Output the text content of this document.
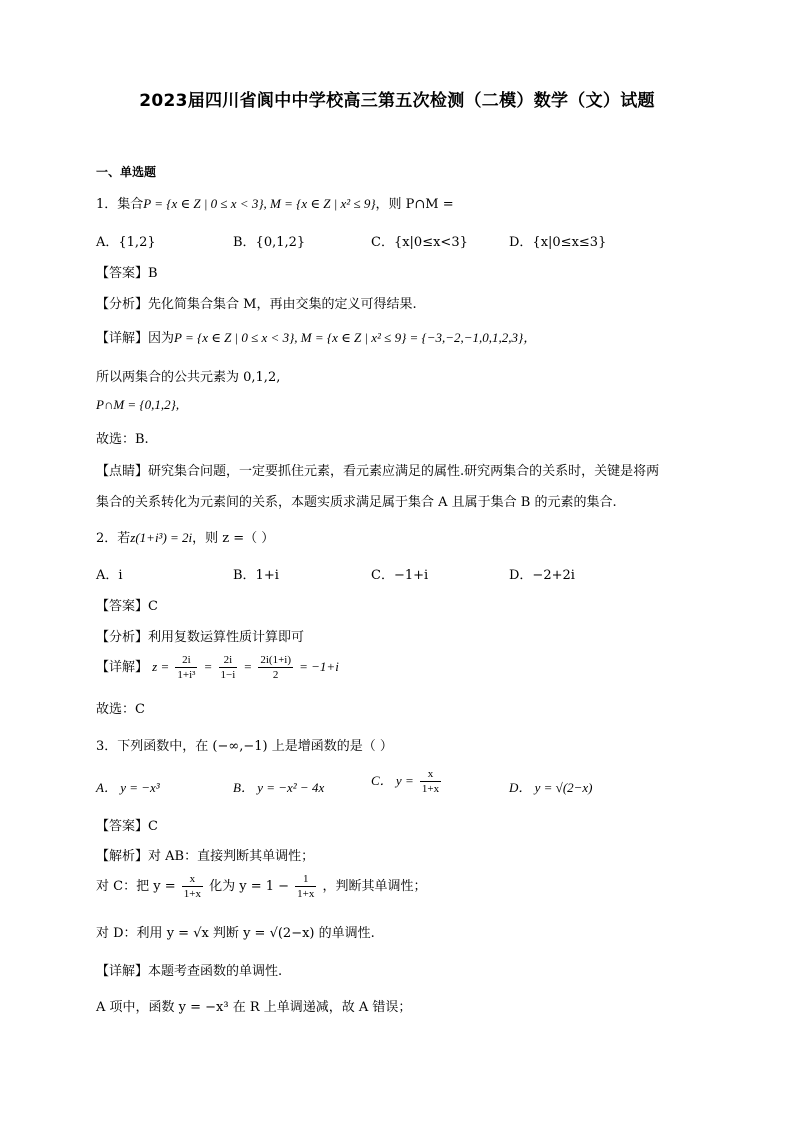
2023届四川省阆中中学校高三第五次检测（二模）数学（文）试题
一、单选题
1．集合P = {x ∈ Z | 0 ≤ x < 3}, M = {x ∈ Z | x² ≤ 9}，则 P∩M =
A．{1,2}	B．{0,1,2}	C．{x|0≤x<3}	D．{x|0≤x≤3}
【答案】B
【分析】先化简集合集合 M，再由交集的定义可得结果.
【详解】因为P = {x ∈ Z | 0 ≤ x < 3}, M = {x ∈ Z | x² ≤ 9} = {−3,−2,−1,0,1,2,3}，
所以两集合的公共元素为 0,1,2,
P∩M = {0,1,2},
故选：B.
【点睛】研究集合问题，一定要抓住元素，看元素应满足的属性.研究两集合的关系时，关键是将两
集合的关系转化为元素间的关系，本题实质求满足属于集合 A 且属于集合 B 的元素的集合.
2．若z(1+i³) = 2i，则 z =（ ）
A．i	B．1+i	C．−1+i	D．−2+2i
【答案】C
【分析】利用复数运算性质计算即可
【详解】 $z = \frac{2i}{\text{1+i³}} = \frac{2i}{1-i} = \frac{2i(1+i)}{2} = -1+i$
故选：C
3．下列函数中，在 (−∞,−1) 上是增函数的是（ ）
A． y = −x³	B． y = −x² − 4x	C． $y = \frac{x}{1+x}$	D． y = √(2−x)
【答案】C
【解析】对 AB：直接判断其单调性；
对 C：把 $y = \frac{x}{1+x}$ 化为 $y = 1 - \frac{1}{1+x}$ ，判断其单调性；
对 D：利用 y = √x 判断 y = √(2−x) 的单调性.
【详解】本题考查函数的单调性.
A 项中，函数 y = −x³ 在 R 上单调递减，故 A 错误；
